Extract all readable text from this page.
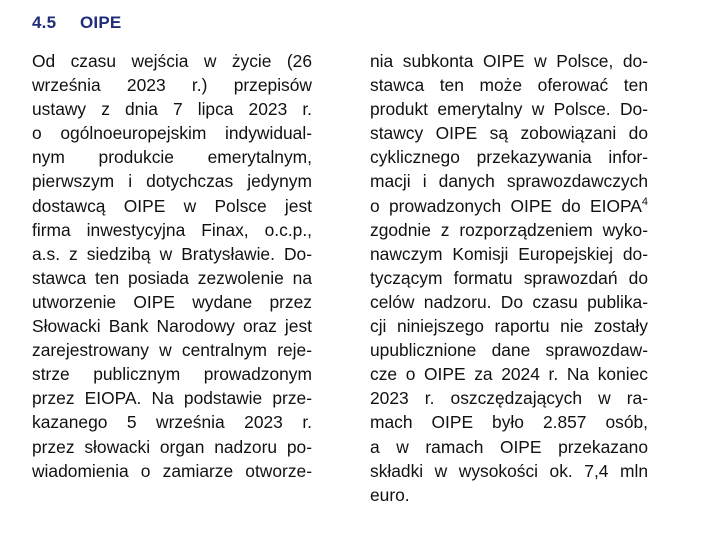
4.5 OIPE
Od czasu wejścia w życie (26
września 2023 r.) przepisów
ustawy z dnia 7 lipca 2023 r.
o ogólnoeuropejskim indywidual-
nym produkcie emerytalnym,
pierwszym i dotychczas jedynym
dostawcą OIPE w Polsce jest
firma inwestycyjna Finax, o.c.p.,
a.s. z siedzibą w Bratysławie. Do-
stawca ten posiada zezwolenie na
utworzenie OIPE wydane przez
Słowacki Bank Narodowy oraz jest
zarejestrowany w centralnym reje-
strze publicznym prowadzonym
przez EIOPA. Na podstawie prze-
kazanego 5 września 2023 r.
przez słowacki organ nadzoru po-
wiadomienia o zamiarze otworze-
nia subkonta OIPE w Polsce, do-
stawca ten może oferować ten
produkt emerytalny w Polsce. Do-
stawcy OIPE są zobowiązani do
cyklicznego przekazywania infor-
macji i danych sprawozdawczych
o prowadzonych OIPE do EIOPA$^4$
zgodnie z rozporządzeniem wyko-
nawczym Komisji Europejskiej do-
tyczącym formatu sprawozdań do
celów nadzoru. Do czasu publika-
cji niniejszego raportu nie zostały
upublicznione dane sprawozdaw-
cze o OIPE za 2024 r. Na koniec
2023 r. oszczędzających w ra-
mach OIPE było 2.857 osób,
a w ramach OIPE przekazano
składki w wysokości ok. 7,4 mln
euro.
